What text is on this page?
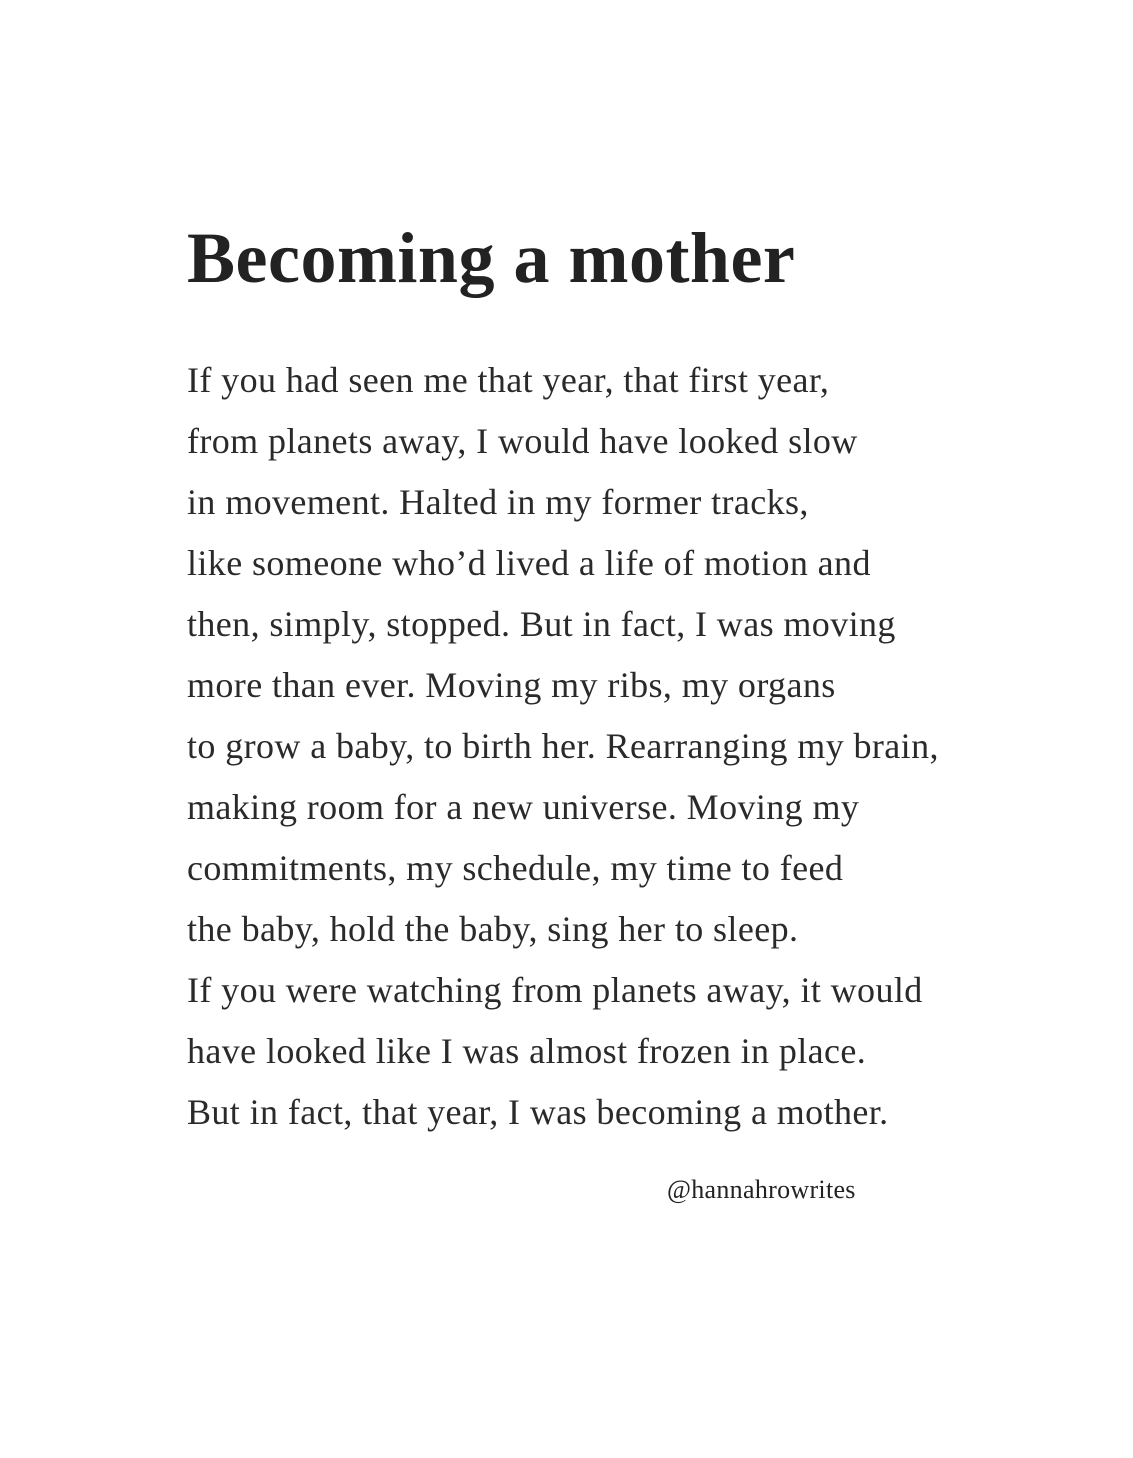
Becoming a mother
If you had seen me that year, that first year,
from planets away, I would have looked slow
in movement. Halted in my former tracks,
like someone who’d lived a life of motion and
then, simply, stopped. But in fact, I was moving
more than ever. Moving my ribs, my organs
to grow a baby, to birth her. Rearranging my brain,
making room for a new universe. Moving my
commitments, my schedule, my time to feed
the baby, hold the baby, sing her to sleep.
If you were watching from planets away, it would
have looked like I was almost frozen in place.
But in fact, that year, I was becoming a mother.

@hannahrowrites
